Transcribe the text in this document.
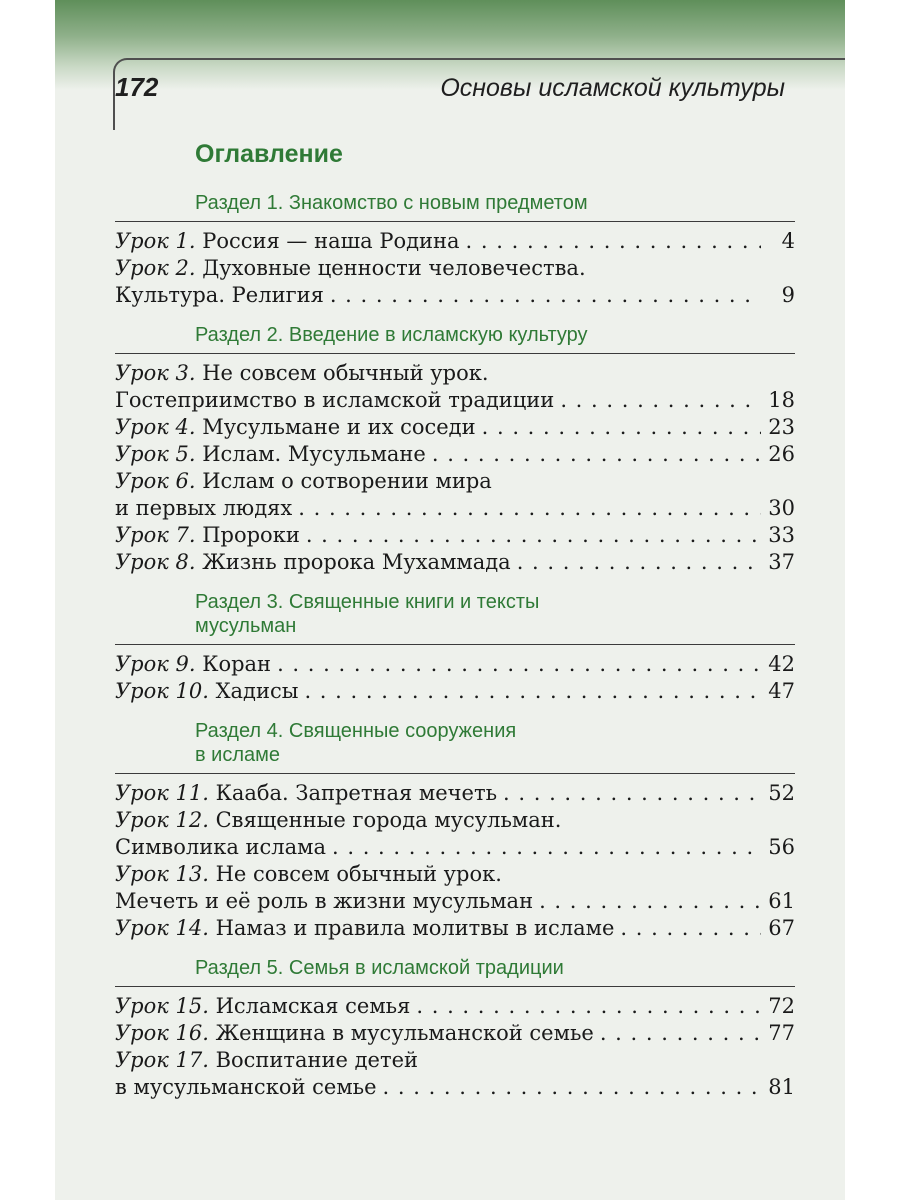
172	Основы исламской культуры
Оглавление
Раздел 1. Знакомство с новым предметом
Урок 1. Россия — наша Родина . . .	4
Урок 2. Духовные ценности человечества.
Культура. Религия . . .	9
Раздел 2. Введение в исламскую культуру
Урок 3. Не совсем обычный урок.
Гостеприимство в исламской традиции . . .	18
Урок 4. Мусульмане и их соседи . . .	23
Урок 5. Ислам. Мусульмане . . .	26
Урок 6. Ислам о сотворении мира
и первых людях . . .	30
Урок 7. Пророки . . .	33
Урок 8. Жизнь пророка Мухаммада . . .	37
Раздел 3. Священные книги и тексты
мусульман
Урок 9. Коран . . .	42
Урок 10. Хадисы . . .	47
Раздел 4. Священные сооружения
в исламе
Урок 11. Кааба. Запретная мечеть . . .	52
Урок 12. Священные города мусульман.
Символика ислама . . .	56
Урок 13. Не совсем обычный урок.
Мечеть и её роль в жизни мусульман . . .	61
Урок 14. Намаз и правила молитвы в исламе . . .	67
Раздел 5. Семья в исламской традиции
Урок 15. Исламская семья . . .	72
Урок 16. Женщина в мусульманской семье . . .	77
Урок 17. Воспитание детей
в мусульманской семье . . .	81
